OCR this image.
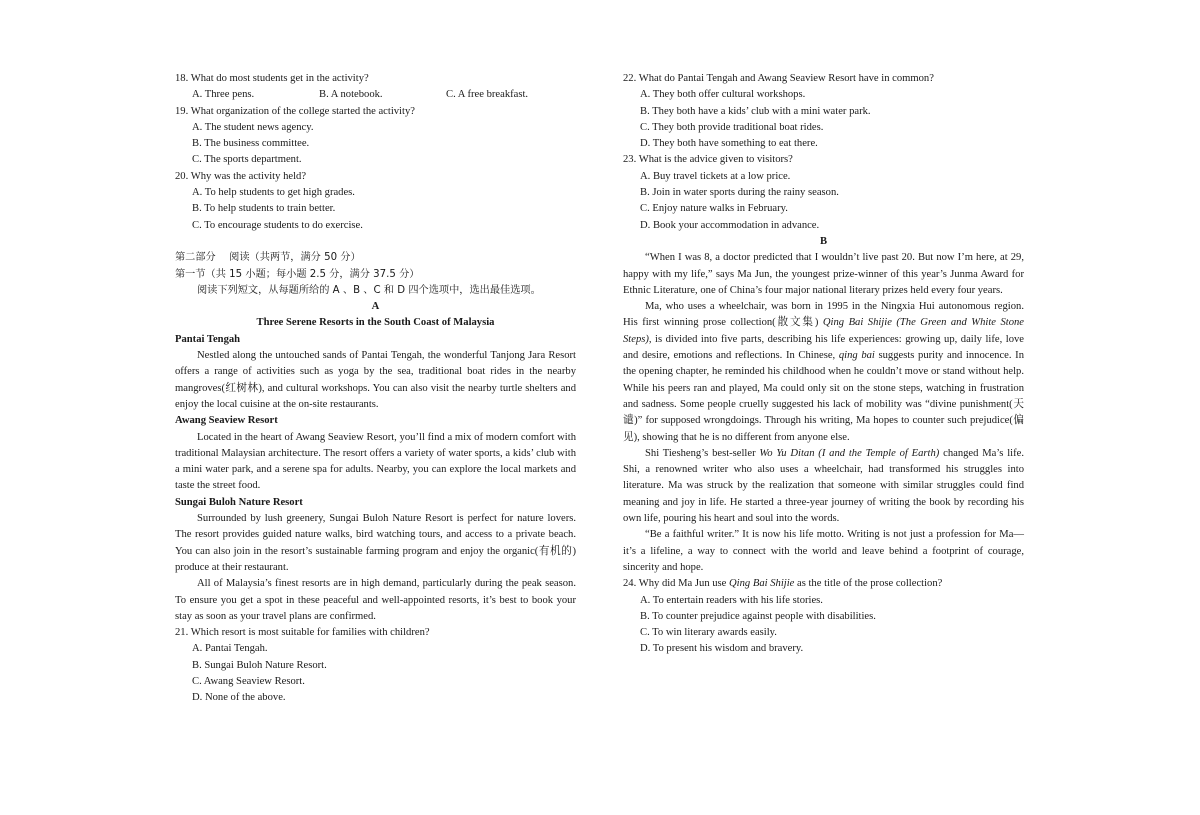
18. What do most students get in the activity?

A. Three pens.	B. A notebook.	C. A free breakfast.

19. What organization of the college started the activity?

A. The student news agency.

B. The business committee.

C. The sports department.

20. Why was the activity held?

A. To help students to get high grades.

B. To help students to train better.

C. To encourage students to do exercise.

第二部分　 阅读（共两节，满分 50 分）

第一节（共 15 小题；每小题 2.5 分，满分 37.5 分）

阅读下列短文，从每题所给的 A 、B 、C 和 D 四个选项中，选出最佳选项。

A

Three Serene Resorts in the South Coast of Malaysia

Pantai Tengah

Nestled along the untouched sands of Pantai Tengah, the wonderful Tanjong Jara Resort offers a range of activities such as yoga by the sea, traditional boat rides in the nearby mangroves(红树林), and cultural workshops. You can also visit the nearby turtle shelters and enjoy the local cuisine at the on-site restaurants.

Awang Seaview Resort

Located in the heart of Awang Seaview Resort, you’ll find a mix of modern comfort with traditional Malaysian architecture. The resort offers a variety of water sports, a kids’ club with a mini water park, and a serene spa for adults. Nearby, you can explore the local markets and taste the street food.

Sungai Buloh Nature Resort

Surrounded by lush greenery, Sungai Buloh Nature Resort is perfect for nature lovers. The resort provides guided nature walks, bird watching tours, and access to a private beach. You can also join in the resort’s sustainable farming program and enjoy the organic(有机的) produce at their restaurant.

All of Malaysia’s finest resorts are in high demand, particularly during the peak season. To ensure you get a spot in these peaceful and well-appointed resorts, it’s best to book your stay as soon as your travel plans are confirmed.

21. Which resort is most suitable for families with children?

A. Pantai Tengah.

B. Sungai Buloh Nature Resort.

C. Awang Seaview Resort.

D. None of the above.

22. What do Pantai Tengah and Awang Seaview Resort have in common?

A. They both offer cultural workshops.

B. They both have a kids’ club with a mini water park.

C. They both provide traditional boat rides.

D. They both have something to eat there.

23. What is the advice given to visitors?

A. Buy travel tickets at a low price.

B. Join in water sports during the rainy season.

C. Enjoy nature walks in February.

D. Book your accommodation in advance.

B

“When I was 8, a doctor predicted that I wouldn’t live past 20. But now I’m here, at 29, happy with my life,” says Ma Jun, the youngest prize-winner of this year’s Junma Award for Ethnic Literature, one of China’s four major national literary prizes held every four years.

Ma, who uses a wheelchair, was born in 1995 in the Ningxia Hui autonomous region. His first winning prose collection(散文集) Qing Bai Shijie (The Green and White Stone Steps), is divided into five parts, describing his life experiences: growing up, daily life, love and desire, emotions and reflections. In Chinese, qing bai suggests purity and innocence. In the opening chapter, he reminded his childhood when he couldn’t move or stand without help. While his peers ran and played, Ma could only sit on the stone steps, watching in frustration and sadness. Some people cruelly suggested his lack of mobility was “divine punishment(天谴)” for supposed wrongdoings. Through his writing, Ma hopes to counter such prejudice(偏见), showing that he is no different from anyone else.

Shi Tiesheng’s best-seller Wo Yu Ditan (I and the Temple of Earth) changed Ma’s life. Shi, a renowned writer who also uses a wheelchair, had transformed his struggles into literature. Ma was struck by the realization that someone with similar struggles could find meaning and joy in life. He started a three-year journey of writing the book by recording his own life, pouring his heart and soul into the words.

“Be a faithful writer.” It is now his life motto. Writing is not just a profession for Ma—it’s a lifeline, a way to connect with the world and leave behind a footprint of courage, sincerity and hope.

24. Why did Ma Jun use Qing Bai Shijie as the title of the prose collection?

A. To entertain readers with his life stories.

B. To counter prejudice against people with disabilities.

C. To win literary awards easily.

D. To present his wisdom and bravery.
